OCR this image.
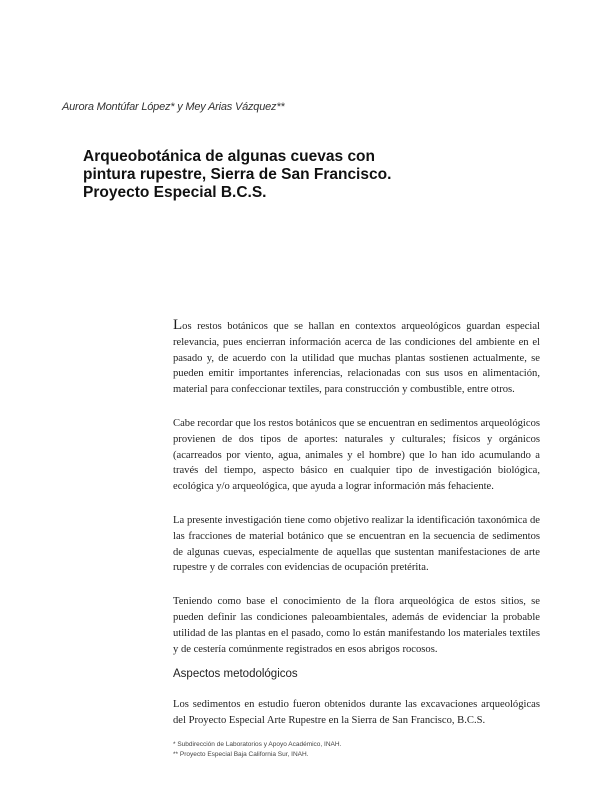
Aurora Montúfar López* y Mey Arias Vázquez**
Arqueobotánica de algunas cuevas con
pintura rupestre, Sierra de San Francisco.
Proyecto Especial B.C.S.

Los restos botánicos que se hallan en contextos arqueológicos guardan especial relevancia, pues encierran información acerca de las condiciones del ambiente en el pasado y, de acuerdo con la utilidad que muchas plantas sostienen actualmente, se pueden emitir importantes inferencias, relacionadas con sus usos en alimentación, material para confeccionar textiles, para construcción y combustible, entre otros.

Cabe recordar que los restos botánicos que se encuentran en sedimentos arqueológicos provienen de dos tipos de aportes: naturales y culturales; físicos y orgánicos (acarreados por viento, agua, animales y el hombre) que lo han ido acumulando a través del tiempo, aspecto básico en cualquier tipo de investigación biológica, ecológica y/o arqueológica, que ayuda a lograr información más fehaciente.

La presente investigación tiene como objetivo realizar la identificación taxonómica de las fracciones de material botánico que se encuentran en la secuencia de sedimentos de algunas cuevas, especialmente de aquellas que sustentan manifestaciones de arte rupestre y de corrales con evidencias de ocupación pretérita.

Teniendo como base el conocimiento de la flora arqueológica de estos sitios, se pueden definir las condiciones paleoambientales, además de evidenciar la probable utilidad de las plantas en el pasado, como lo están manifestando los materiales textiles y de cestería comúnmente registrados en esos abrigos rocosos.

Aspectos metodológicos

Los sedimentos en estudio fueron obtenidos durante las excavaciones arqueológicas del Proyecto Especial Arte Rupestre en la Sierra de San Francisco, B.C.S.

* Subdirección de Laboratorios y Apoyo Académico, INAH.
** Proyecto Especial Baja California Sur, INAH.
